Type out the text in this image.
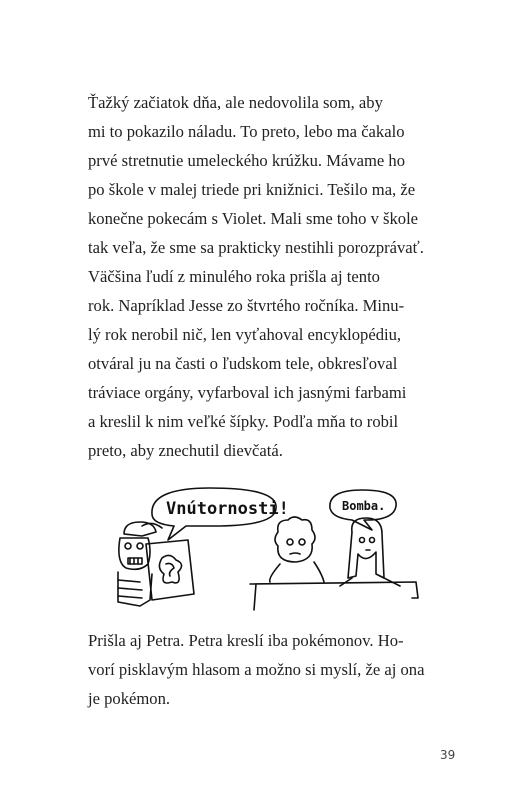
Ťažký začiatok dňa, ale nedovolila som, aby
mi to pokazilo náladu. To preto, lebo ma čakalo
prvé stretnutie umeleckého krúžku. Mávame ho
po škole v malej triede pri knižnici. Tešilo ma, že
konečne pokecám s Violet. Mali sme toho v škole
tak veľa, že sme sa prakticky nestihli porozprávať.
Väčšina ľudí z minulého roka prišla aj tento
rok. Napríklad Jesse zo štvrtého ročníka. Minu-
lý rok nerobil nič, len vyťahoval encyklopédiu,
otváral ju na časti o ľudskom tele, obkresľoval
tráviace orgány, vyfarboval ich jasnými farbami
a kreslil k nim veľké šípky. Podľa mňa to robil
preto, aby znechutil dievčatá.
Vnútornosti!	Bomba.
Prišla aj Petra. Petra kreslí iba pokémonov. Ho-
vorí pisklavým hlasom a možno si myslí, že aj ona
je pokémon.
39
